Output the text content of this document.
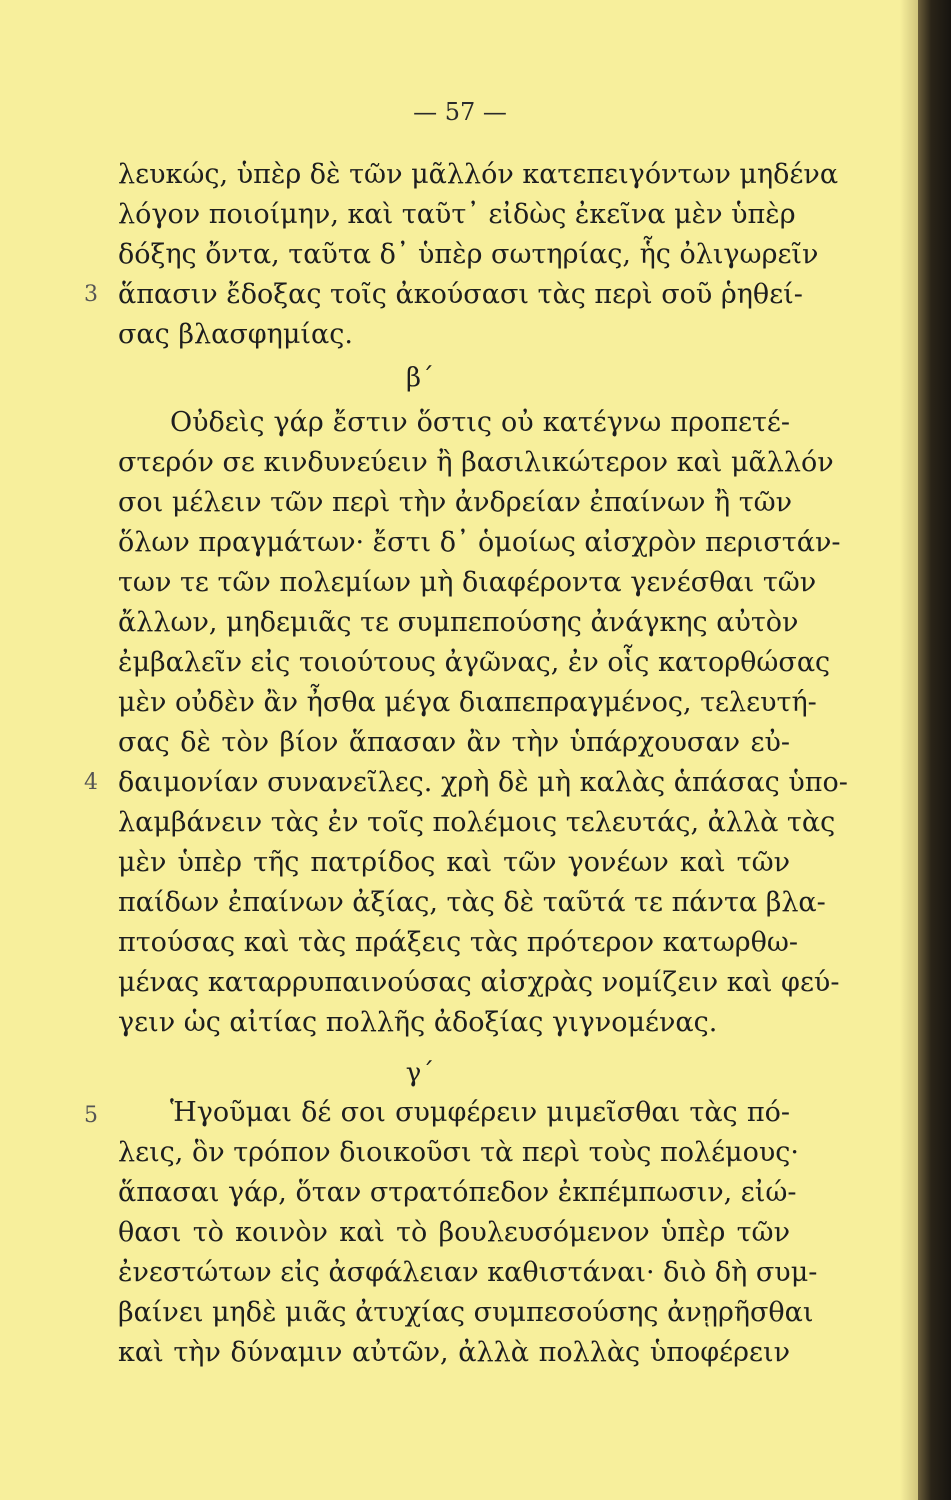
— 57 —
λευκώς, ὑπὲρ δὲ τῶν μᾶλλόν κατεπειγόντων μηδένα
λόγον ποιοίμην, καὶ ταῦτ᾽ εἰδὼς ἐκεῖνα μὲν ὑπὲρ
δόξης ὄντα, ταῦτα δ᾽ ὑπὲρ σωτηρίας, ἧς ὀλιγωρεῖν
3 ἅπασιν ἔδοξας τοῖς ἀκούσασι τὰς περὶ σοῦ ῥηθεί-
σας βλασφημίας.
β΄
Οὐδεὶς γάρ ἔστιν ὅστις οὐ κατέγνω προπετέ-
στερόν σε κινδυνεύειν ἢ βασιλικώτερον καὶ μᾶλλόν
σοι μέλειν τῶν περὶ τὴν ἀνδρείαν ἐπαίνων ἢ τῶν
ὅλων πραγμάτων· ἔστι δ᾽ ὁμοίως αἰσχρὸν περιστάν-
των τε τῶν πολεμίων μὴ διαφέροντα γενέσθαι τῶν
ἄλλων, μηδεμιᾶς τε συμπεπούσης ἀνάγκης αὐτὸν
ἐμβαλεῖν εἰς τοιούτους ἀγῶνας, ἐν οἷς κατορθώσας
μὲν οὐδὲν ἂν ἦσθα μέγα διαπεπραγμένος, τελευτή-
σας δὲ τὸν βίον ἅπασαν ἂν τὴν ὑπάρχουσαν εὐ-
4 δαιμονίαν συνανεῖλες. χρὴ δὲ μὴ καλὰς ἁπάσας ὑπο-
λαμβάνειν τὰς ἐν τοῖς πολέμοις τελευτάς, ἀλλὰ τὰς
μὲν ὑπὲρ τῆς πατρίδος καὶ τῶν γονέων καὶ τῶν
παίδων ἐπαίνων ἀξίας, τὰς δὲ ταῦτά τε πάντα βλα-
πτούσας καὶ τὰς πράξεις τὰς πρότερον κατωρθω-
μένας καταρρυπαινούσας αἰσχρὰς νομίζειν καὶ φεύ-
γειν ὡς αἰτίας πολλῆς ἀδοξίας γιγνομένας.
γ΄
5	Ἡγοῦμαι δέ σοι συμφέρειν μιμεῖσθαι τὰς πό-
λεις, ὃν τρόπον διοικοῦσι τὰ περὶ τοὺς πολέμους·
ἅπασαι γάρ, ὅταν στρατόπεδον ἐκπέμπωσιν, εἰώ-
θασι τὸ κοινὸν καὶ τὸ βουλευσόμενον ὑπὲρ τῶν
ἐνεστώτων εἰς ἀσφάλειαν καθιστάναι· διὸ δὴ συμ-
βαίνει μηδὲ μιᾶς ἀτυχίας συμπεσούσης ἀνῃρῆσθαι
καὶ τὴν δύναμιν αὐτῶν, ἀλλὰ πολλὰς ὑποφέρειν
